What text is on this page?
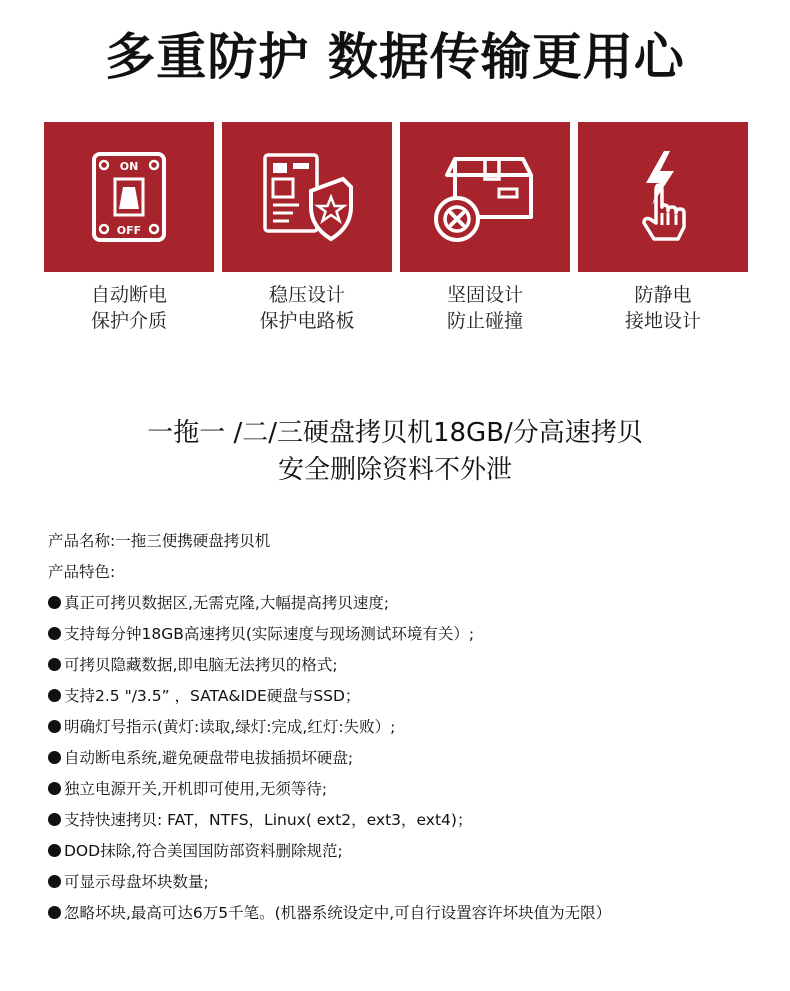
多重防护 数据传输更用心
ON
OFF
自动断电
保护介质
稳压设计
保护电路板
坚固设计
防止碰撞
防静电
接地设计
一拖一 /二/三硬盘拷贝机18GB/分高速拷贝
安全删除资料不外泄
产品名称:一拖三便携硬盘拷贝机
产品特色:
真正可拷贝数据区,无需克隆,大幅提高拷贝速度;
支持每分钟18GB高速拷贝(实际速度与现场测试环境有关）;
可拷贝隐藏数据,即电脑无法拷贝的格式;
支持2.5 "/3.5” ，SATA&IDE硬盘与SSD；
明确灯号指示(黄灯:读取,绿灯:完成,红灯:失败）;
自动断电系统,避免硬盘带电拔插损坏硬盘;
独立电源开关,开机即可使用,无须等待;
支持快速拷贝: FAT，NTFS，Linux( ext2，ext3，ext4)；
DOD抹除,符合美国国防部资料删除规范;
可显示母盘坏块数量;
忽略坏块,最高可达6万5千笔。(机器系统设定中,可自行设置容许坏块值为无限）
